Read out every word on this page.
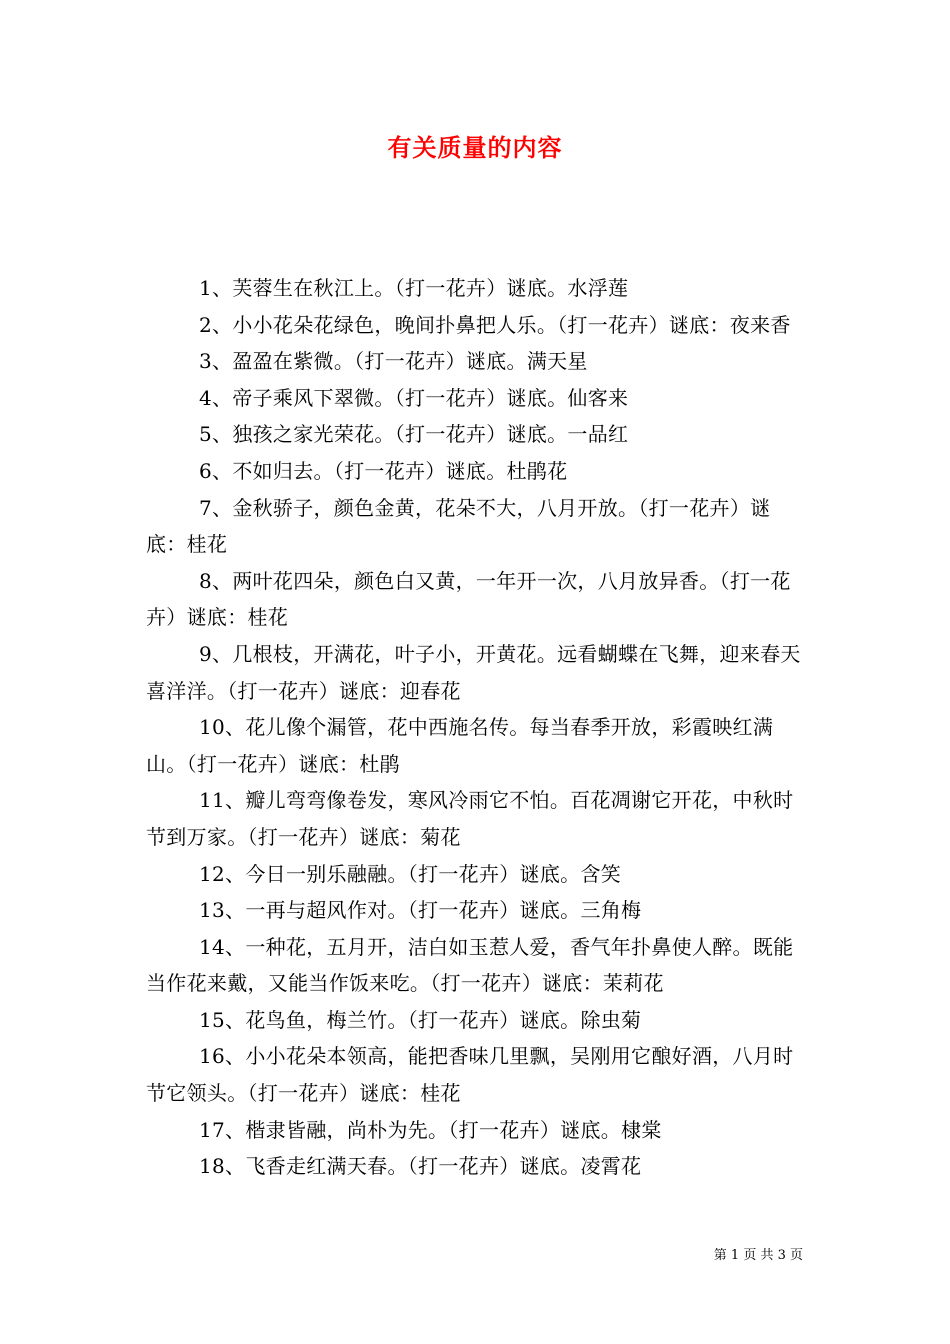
有关质量的内容

1、芙蓉生在秋江上。（打一花卉）谜底。水浮莲

2、小小花朵花绿色，晚间扑鼻把人乐。（打一花卉）谜底：夜来香

3、盈盈在紫微。（打一花卉）谜底。满天星

4、帝子乘风下翠微。（打一花卉）谜底。仙客来

5、独孩之家光荣花。（打一花卉）谜底。一品红

6、不如归去。（打一花卉）谜底。杜鹃花

7、金秋骄子，颜色金黄，花朵不大，八月开放。（打一花卉）谜底：桂花

8、两叶花四朵，颜色白又黄，一年开一次，八月放异香。（打一花卉）谜底：桂花

9、几根枝，开满花，叶子小，开黄花。远看蝴蝶在飞舞，迎来春天喜洋洋。（打一花卉）谜底：迎春花

10、花儿像个漏管，花中西施名传。每当春季开放，彩霞映红满山。（打一花卉）谜底：杜鹃

11、瓣儿弯弯像卷发，寒风冷雨它不怕。百花凋谢它开花，中秋时节到万家。（打一花卉）谜底：菊花

12、今日一别乐融融。（打一花卉）谜底。含笑

13、一再与超风作对。（打一花卉）谜底。三角梅

14、一种花，五月开，洁白如玉惹人爱，香气年扑鼻使人醉。既能当作花来戴，又能当作饭来吃。（打一花卉）谜底：茉莉花

15、花鸟鱼，梅兰竹。（打一花卉）谜底。除虫菊

16、小小花朵本领高，能把香味几里飘，吴刚用它酿好酒，八月时节它领头。（打一花卉）谜底：桂花

17、楷隶皆融，尚朴为先。（打一花卉）谜底。棣棠

18、飞香走红满天春。（打一花卉）谜底。凌霄花

第 1 页 共 3 页
